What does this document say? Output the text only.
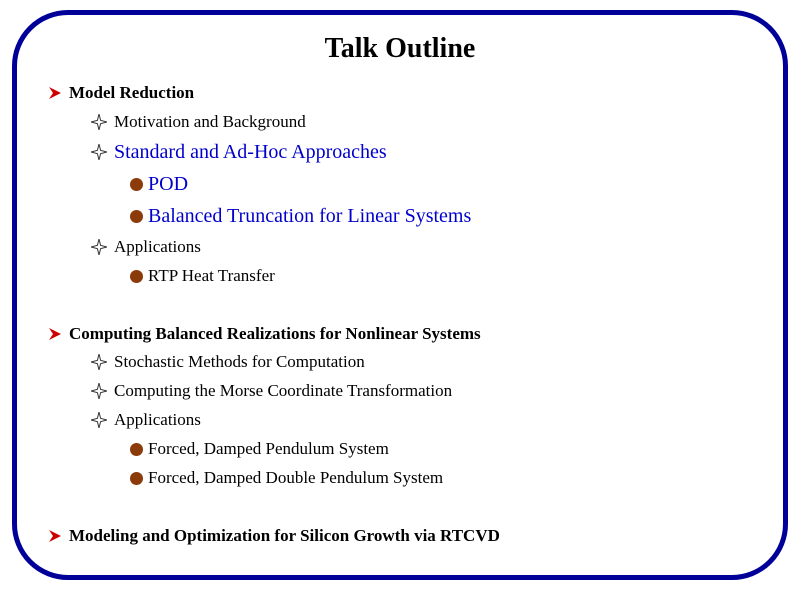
Talk Outline
Model Reduction
Motivation and Background
Standard and Ad-Hoc Approaches
POD
Balanced Truncation for Linear Systems
Applications
RTP Heat Transfer
Computing Balanced Realizations for Nonlinear Systems
Stochastic Methods for Computation
Computing the Morse Coordinate Transformation
Applications
Forced, Damped Pendulum System
Forced, Damped Double Pendulum System
Modeling and Optimization for Silicon Growth via RTCVD
